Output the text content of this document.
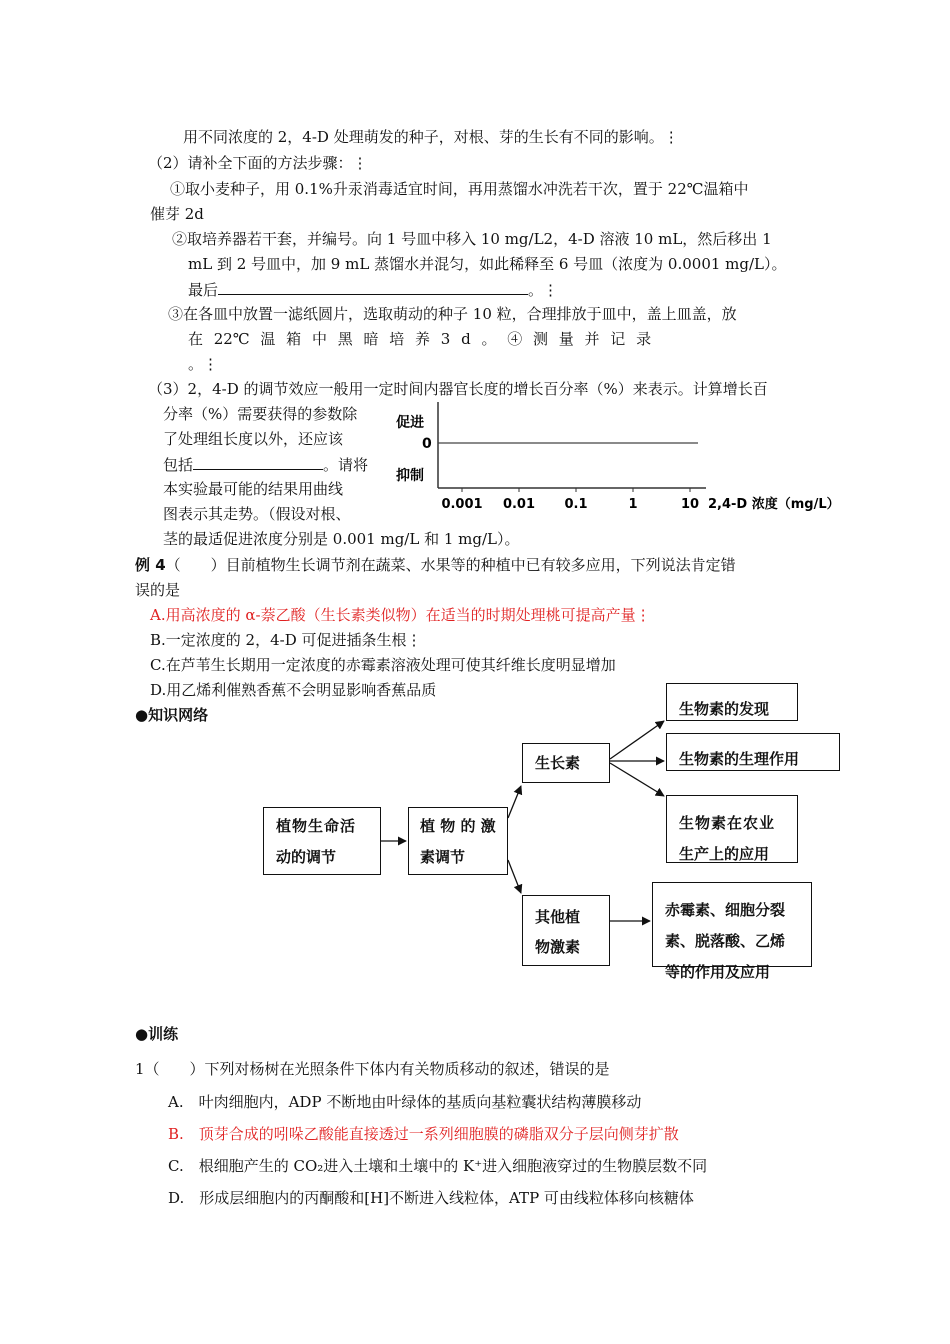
用不同浓度的 2，4-D 处理萌发的种子，对根、芽的生长有不同的影响。⋮
（2）请补全下面的方法步骤：⋮
①取小麦种子，用 0.1%升汞消毒适宜时间，再用蒸馏水冲洗若干次，置于 22℃温箱中
催芽 2d
②取培养器若干套，并编号。向 1 号皿中移入 10 mg/L2，4-D 溶液 10 mL，然后移出 1
mL 到 2 号皿中，加 9 mL 蒸馏水并混匀，如此稀释至 6 号皿（浓度为 0.0001 mg/L）。
最后	。⋮
③在各皿中放置一滤纸圆片，选取萌动的种子 10 粒，合理排放于皿中，盖上皿盖，放
在 22℃ 温 箱 中 黑 暗 培 养 3 d 。 ④ 测 量 并 记 录
。⋮
（3）2，4-D 的调节效应一般用一定时间内器官长度的增长百分率（%）来表示。计算增长百
分率（%）需要获得的参数除
了处理组长度以外，还应该
包括	。请将
本实验最可能的结果用曲线
图表示其走势。（假设对根、
茎的最适促进浓度分别是 0.001 mg/L 和 1 mg/L）。
促进
0
抑制
0.001 0.01 0.1	1	10 2,4-D 浓度（mg/L）
例 4（　　）目前植物生长调节剂在蔬菜、水果等的种植中已有较多应用，下列说法肯定错
误的是
A.用高浓度的 α-萘乙酸（生长素类似物）在适当的时期处理桃可提高产量⋮
B.一定浓度的 2，4-D 可促进插条生根⋮
C.在芦苇生长期用一定浓度的赤霉素溶液处理可使其纤维长度明显增加
D.用乙烯利催熟香蕉不会明显影响香蕉品质
●知识网络
植物生命活
动的调节
植 物 的 激
素调节
生长素
其他植
物激素
生物素的发现
生物素的生理作用
生物素在农业
生产上的应用
赤霉素、细胞分裂
素、脱落酸、乙烯
等的作用及应用
●训练
1（　　）下列对杨树在光照条件下体内有关物质移动的叙述，错误的是
A.　叶肉细胞内，ADP 不断地由叶绿体的基质向基粒囊状结构薄膜移动
B.　顶芽合成的吲哚乙酸能直接透过一系列细胞膜的磷脂双分子层向侧芽扩散
C.　根细胞产生的 CO₂进入土壤和土壤中的 K⁺进入细胞液穿过的生物膜层数不同
D.　形成层细胞内的丙酮酸和[H]不断进入线粒体，ATP 可由线粒体移向核糖体
